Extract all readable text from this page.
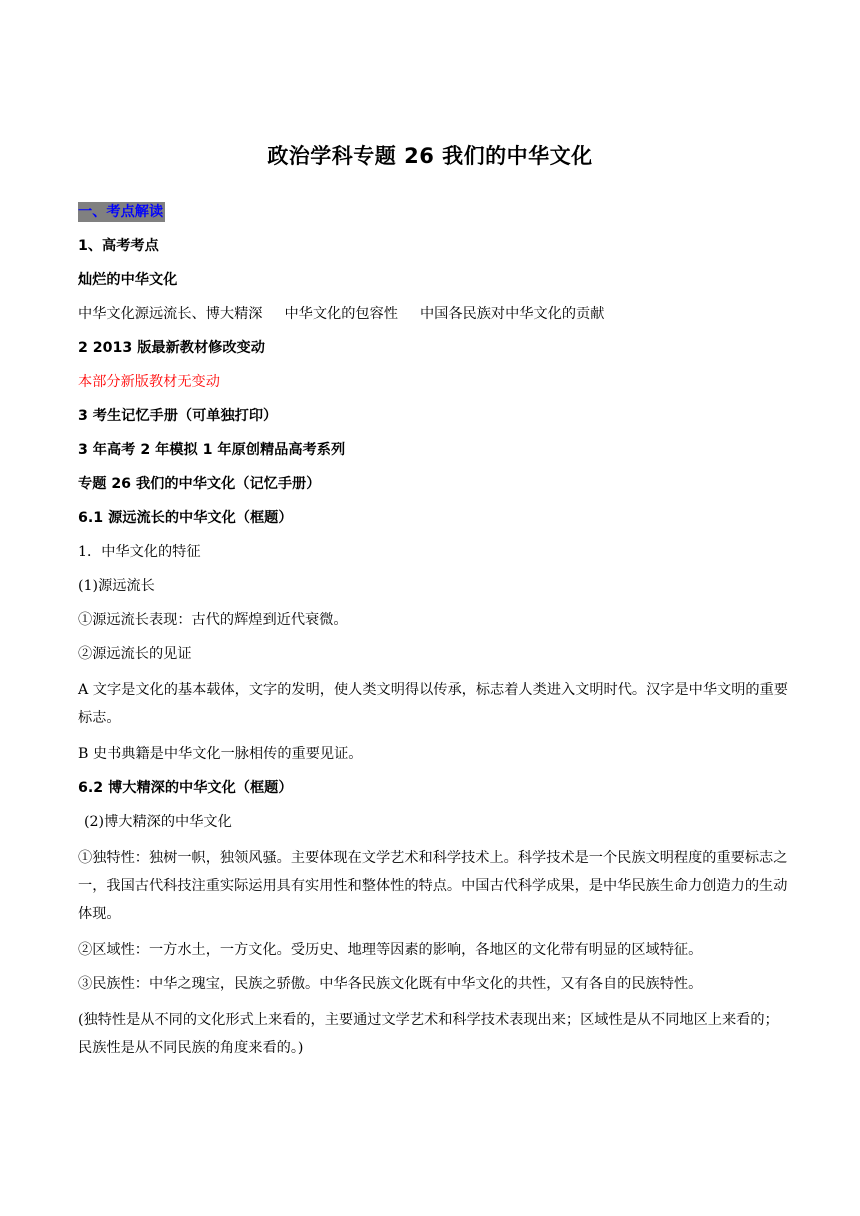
政治学科专题 26 我们的中华文化

一、考点解读

1、高考考点

灿烂的中华文化

中华文化源远流长、博大精深 中华文化的包容性 中国各民族对中华文化的贡献

2 2013 版最新教材修改变动

本部分新版教材无变动

3 考生记忆手册（可单独打印）

3 年高考 2 年模拟 1 年原创精品高考系列

专题 26 我们的中华文化（记忆手册）

6.1 源远流长的中华文化（框题）

1．中华文化的特征

(1)源远流长

①源远流长表现：古代的辉煌到近代衰微。

②源远流长的见证

A 文字是文化的基本载体，文字的发明，使人类文明得以传承，标志着人类进入文明时代。汉字是中华文明的重要标志。

B 史书典籍是中华文化一脉相传的重要见证。

6.2 博大精深的中华文化（框题）

(2)博大精深的中华文化

①独特性：独树一帜，独领风骚。主要体现在文学艺术和科学技术上。科学技术是一个民族文明程度的重要标志之一，我国古代科技注重实际运用具有实用性和整体性的特点。中国古代科学成果，是中华民族生命力创造力的生动体现。

②区域性：一方水土，一方文化。受历史、地理等因素的影响，各地区的文化带有明显的区域特征。

③民族性：中华之瑰宝，民族之骄傲。中华各民族文化既有中华文化的共性，又有各自的民族特性。

(独特性是从不同的文化形式上来看的，主要通过文学艺术和科学技术表现出来；区域性是从不同地区上来看的；民族性是从不同民族的角度来看的。)
